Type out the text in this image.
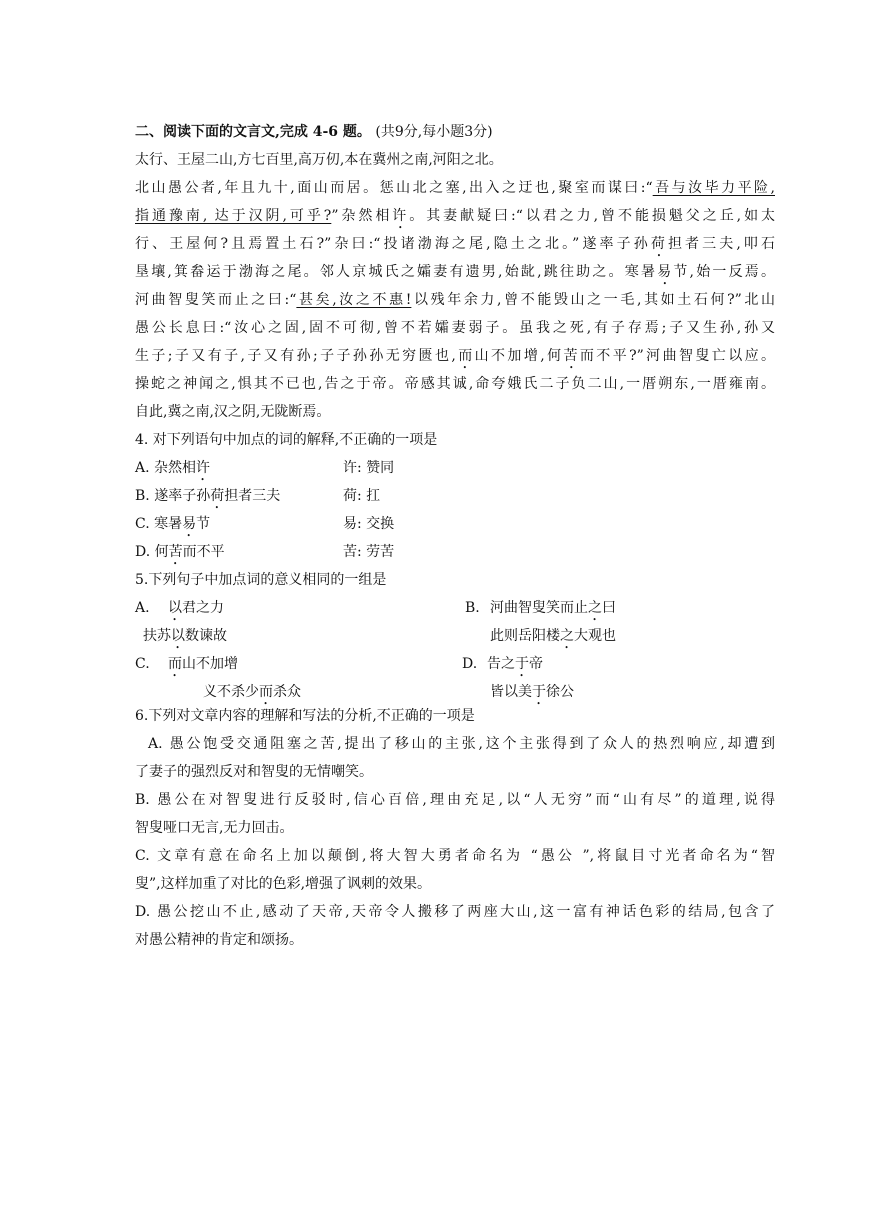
二、阅读下面的文言文,完成 4-6 题。 (共9分,每小题3分)
太行、王屋二山,方七百里,高万仞,本在冀州之南,河阳之北。
北山愚公者,年且九十,面山而居。惩山北之塞,出入之迂也,聚室而谋曰:“吾与汝毕力平险,
指通豫南, 达于汉阴,可乎?”杂然相许。其妻献疑曰:“以君之力,曾不能损魁父之丘,如太
行、王屋何?且焉置土石?”杂曰:“投诸渤海之尾,隐土之北。”遂率子孙荷担者三夫,叩石
垦壤,箕畚运于渤海之尾。邻人京城氏之孀妻有遗男,始龀,跳往助之。寒暑易节,始一反焉。
河曲智叟笑而止之曰:“甚矣,汝之不惠!以残年余力,曾不能毁山之一毛,其如土石何?”北山
愚公长息曰:“汝心之固,固不可彻,曾不若孀妻弱子。虽我之死,有子存焉;子又生孙,孙又
生子;子又有子,子又有孙;子子孙孙无穷匮也,而山不加增,何苦而不平?”河曲智叟亡以应。
操蛇之神闻之,惧其不已也,告之于帝。帝感其诚,命夸娥氏二子负二山,一厝朔东,一厝雍南。
自此,冀之南,汉之阴,无陇断焉。
4. 对下列语句中加点的词的解释,不正确的一项是
A. 杂然相许	许: 赞同
B. 遂率子孙荷担者三夫	荷: 扛
C. 寒暑易节	易: 交换
D. 何苦而不平	苦: 劳苦
5.下列句子中加点词的意义相同的一组是
A. 以君之力	B. 河曲智叟笑而止之曰
扶苏以数谏故	此则岳阳楼之大观也
C. 而山不加增	D. 告之于帝
义不杀少而杀众	皆以美于徐公
6.下列对文章内容的理解和写法的分析,不正确的一项是
A. 愚公饱受交通阻塞之苦,提出了移山的主张,这个主张得到了众人的热烈响应,却遭到
了妻子的强烈反对和智叟的无情嘲笑。
B. 愚公在对智叟进行反驳时,信心百倍,理由充足,以“人无穷”而“山有尽”的道理,说得
智叟哑口无言,无力回击。
C. 文章有意在命名上加以颠倒,将大智大勇者命名为 “愚公 ”,将鼠目寸光者命名为“智
叟”,这样加重了对比的色彩,增强了讽刺的效果。
D. 愚公挖山不止,感动了天帝,天帝令人搬移了两座大山,这一富有神话色彩的结局,包含了
对愚公精神的肯定和颂扬。
